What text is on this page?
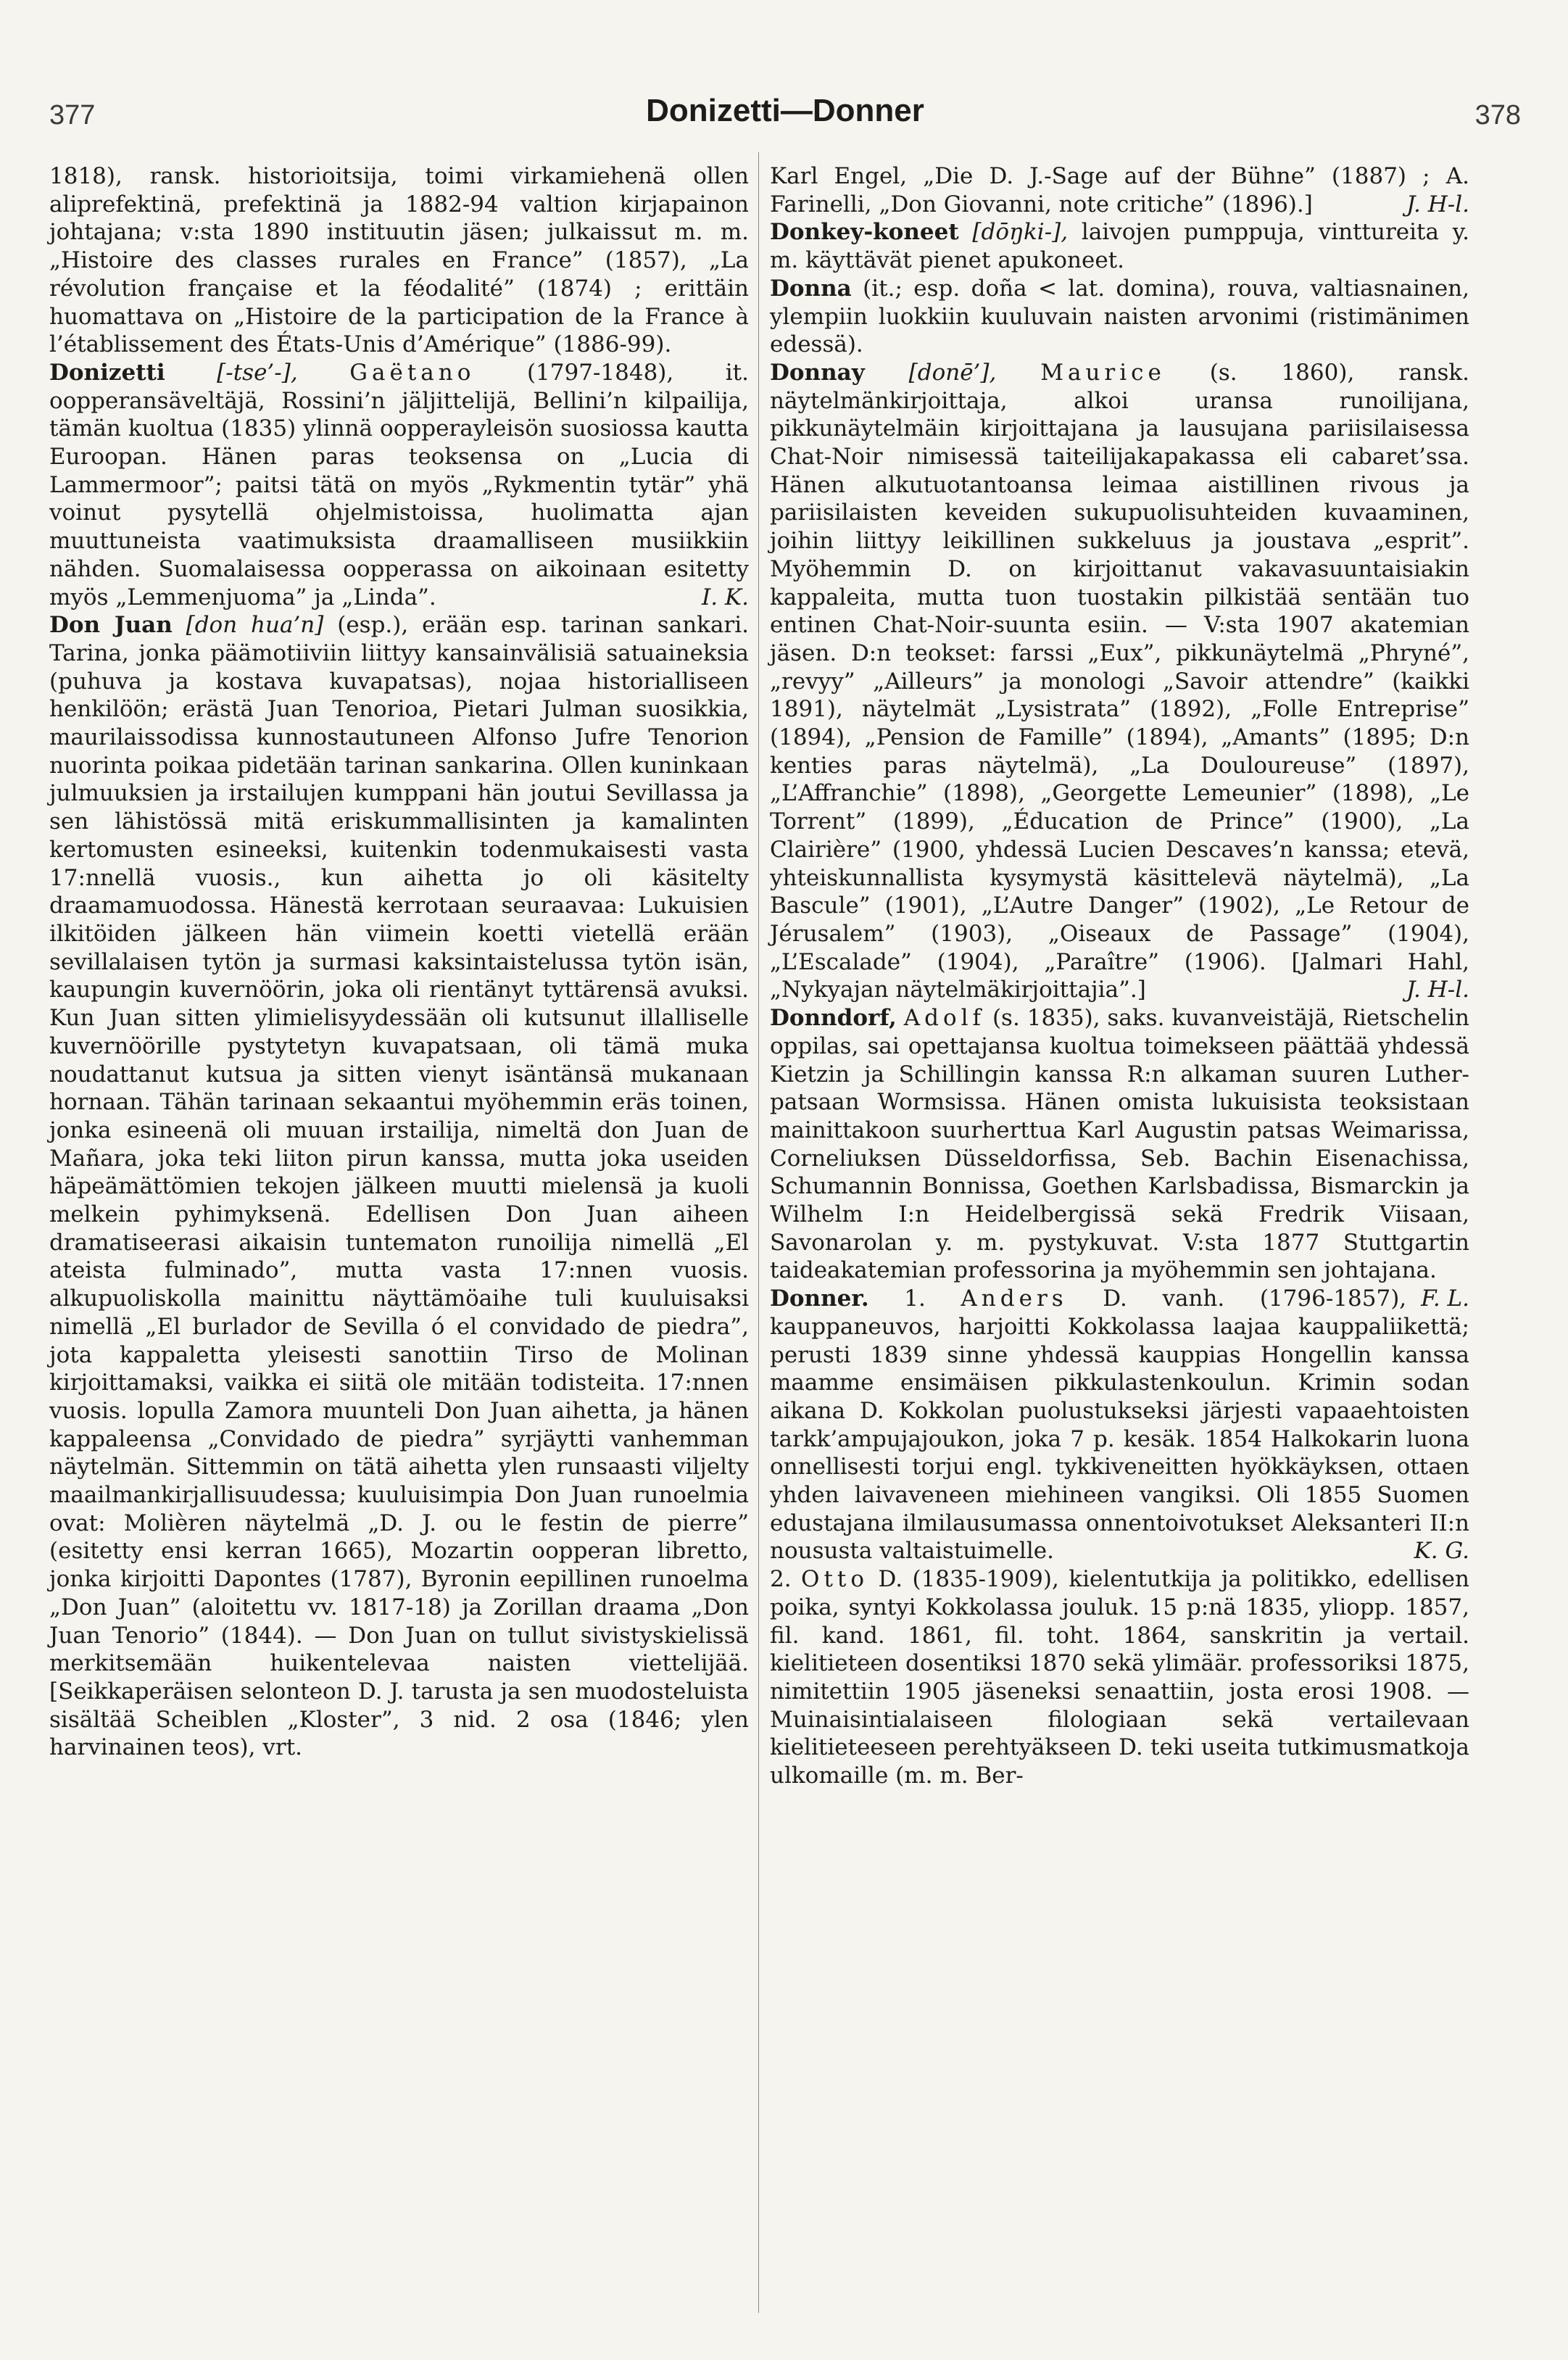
377	Donizetti—Donner	378

1818), ransk. historioitsija, toimi virkamiehenä ollen aliprefektinä, prefektinä ja 1882-94 valtion kirjapainon johtajana; v:sta 1890 instituutin jäsen; julkaissut m. m. „Histoire des classes rurales en France” (1857), „La révolution française et la féodalité” (1874) ; erittäin huomattava on „Histoire de la participation de la France à l’établissement des États-Unis d’Amérique” (1886-99).

Donizetti [-tse’-], Gaëtano (1797-1848), it. oopperansäveltäjä, Rossini’n jäljittelijä, Bellini’n kilpailija, tämän kuoltua (1835) ylinnä oopperayleisön suosiossa kautta Euroopan. Hänen paras teoksensa on „Lucia di Lammermoor”; paitsi tätä on myös „Rykmentin tytär” yhä voinut pysytellä ohjelmistoissa, huolimatta ajan muuttuneista vaatimuksista draamalliseen musiikkiin nähden. Suomalaisessa oopperassa on aikoinaan esitetty myös „Lemmenjuoma” ja „Linda”.	I. K.

Don Juan [don hua’n] (esp.), erään esp. tarinan sankari. Tarina, jonka päämotiiviin liittyy kansainvälisiä satuaineksia (puhuva ja kostava kuvapatsas), nojaa historialliseen henkilöön; erästä Juan Tenorioa, Pietari Julman suosikkia, maurilaissodissa kunnostautuneen Alfonso Jufre Tenorion nuorinta poikaa pidetään tarinan sankarina. Ollen kuninkaan julmuuksien ja irstailujen kumppani hän joutui Sevillassa ja sen lähistössä mitä eriskummallisinten ja kamalinten kertomusten esineeksi, kuitenkin todenmukaisesti vasta 17:nnellä vuosis., kun aihetta jo oli käsitelty draamamuodossa. Hänestä kerrotaan seuraavaa: Lukuisien ilkitöiden jälkeen hän viimein koetti vietellä erään sevillalaisen tytön ja surmasi kaksintaistelussa tytön isän, kaupungin kuvernöörin, joka oli rientänyt tyttärensä avuksi. Kun Juan sitten ylimielisyydessään oli kutsunut illalliselle kuvernöörille pystytetyn kuvapatsaan, oli tämä muka noudattanut kutsua ja sitten vienyt isäntänsä mukanaan hornaan. Tähän tarinaan sekaantui myöhemmin eräs toinen, jonka esineenä oli muuan irstailija, nimeltä don Juan de Mañara, joka teki liiton pirun kanssa, mutta joka useiden häpeämättömien tekojen jälkeen muutti mielensä ja kuoli melkein pyhimyksenä. Edellisen Don Juan aiheen dramatiseerasi aikaisin tuntematon runoilija nimellä „El ateista fulminado”, mutta vasta 17:nnen vuosis. alkupuoliskolla mainittu näyttämöaihe tuli kuuluisaksi nimellä „El burlador de Sevilla ó el convidado de piedra”, jota kappaletta yleisesti sanottiin Tirso de Molinan kirjoittamaksi, vaikka ei siitä ole mitään todisteita. 17:nnen vuosis. lopulla Zamora muunteli Don Juan aihetta, ja hänen kappaleensa „Convidado de piedra” syrjäytti vanhemman näytelmän. Sittemmin on tätä aihetta ylen runsaasti viljelty maailmankirjallisuudessa; kuuluisimpia Don Juan runoelmia ovat: Molièren näytelmä „D. J. ou le festin de pierre” (esitetty ensi kerran 1665), Mozartin oopperan libretto, jonka kirjoitti Dapontes (1787), Byronin eepillinen runoelma „Don Juan” (aloitettu vv. 1817-18) ja Zorillan draama „Don Juan Tenorio” (1844). — Don Juan on tullut sivistyskielissä merkitsemään huikentelevaa naisten viettelijää. [Seikkaperäisen selonteon D. J. tarusta ja sen muodosteluista sisältää Scheiblen „Kloster”, 3 nid. 2 osa (1846; ylen harvinainen teos), vrt.

Karl Engel, „Die D. J.-Sage auf der Bühne” (1887) ; A. Farinelli, „Don Giovanni, note critiche” (1896).]	J. H-l.

Donkey-koneet [dōŋki-], laivojen pumppuja, vinttureita y. m. käyttävät pienet apukoneet.

Donna (it.; esp. doña < lat. domina), rouva, valtiasnainen, ylempiin luokkiin kuuluvain naisten arvonimi (ristimänimen edessä).

Donnay [donē’], Maurice (s. 1860), ransk. näytelmänkirjoittaja, alkoi uransa runoilijana, pikkunäytelmäin kirjoittajana ja lausujana pariisilaisessa Chat-Noir nimisessä taiteilijakapakassa eli cabaret’ssa. Hänen alkutuotantoansa leimaa aistillinen rivous ja pariisilaisten keveiden sukupuolisuhteiden kuvaaminen, joihin liittyy leikillinen sukkeluus ja joustava „esprit”. Myöhemmin D. on kirjoittanut vakavasuuntaisiakin kappaleita, mutta tuon tuostakin pilkistää sentään tuo entinen Chat-Noir-suunta esiin. — V:sta 1907 akatemian jäsen. D:n teokset: farssi „Eux”, pikkunäytelmä „Phryné”, „revyy” „Ailleurs” ja monologi „Savoir attendre” (kaikki 1891), näytelmät „Lysistrata” (1892), „Folle Entreprise” (1894), „Pension de Famille” (1894), „Amants” (1895; D:n kenties paras näytelmä), „La Douloureuse” (1897), „L’Affranchie” (1898), „Georgette Lemeunier” (1898), „Le Torrent” (1899), „Éducation de Prince” (1900), „La Clairière” (1900, yhdessä Lucien Descaves’n kanssa; etevä, yhteiskunnallista kysymystä käsittelevä näytelmä), „La Bascule” (1901), „L’Autre Danger” (1902), „Le Retour de Jérusalem” (1903), „Oiseaux de Passage” (1904), „L’Escalade” (1904), „Paraître” (1906). [Jalmari Hahl, „Nykyajan näytelmäkirjoittajia”.]	J. H-l.

Donndorf, Adolf (s. 1835), saks. kuvanveistäjä, Rietschelin oppilas, sai opettajansa kuoltua toimekseen päättää yhdessä Kietzin ja Schillingin kanssa R:n alkaman suuren Luther-patsaan Wormsissa. Hänen omista lukuisista teoksistaan mainittakoon suurherttua Karl Augustin patsas Weimarissa, Corneliuksen Düsseldorfissa, Seb. Bachin Eisenachissa, Schumannin Bonnissa, Goethen Karlsbadissa, Bismarckin ja Wilhelm I:n Heidelbergissä sekä Fredrik Viisaan, Savonarolan y. m. pystykuvat. V:sta 1877 Stuttgartin taideakatemian professorina ja myöhemmin sen johtajana.
F. L.

Donner. 1. Anders D. vanh. (1796-1857), kauppaneuvos, harjoitti Kokkolassa laajaa kauppaliikettä; perusti 1839 sinne yhdessä kauppias Hongellin kanssa maamme ensimäisen pikkulastenkoulun. Krimin sodan aikana D. Kokkolan puolustukseksi järjesti vapaaehtoisten tarkk’ampujajoukon, joka 7 p. kesäk. 1854 Halkokarin luona onnellisesti torjui engl. tykkiveneitten hyökkäyksen, ottaen yhden laivaveneen miehineen vangiksi. Oli 1855 Suomen edustajana ilmilausumassa onnentoivotukset Aleksanteri II:n noususta valtaistuimelle.	K. G.

2. Otto D. (1835-1909), kielentutkija ja politikko, edellisen poika, syntyi Kokkolassa jouluk. 15 p:nä 1835, yliopp. 1857, fil. kand. 1861, fil. toht. 1864, sanskritin ja vertail. kielitieteen dosentiksi 1870 sekä ylimäär. professoriksi 1875, nimitettiin 1905 jäseneksi senaattiin, josta erosi 1908. — Muinaisintialaiseen filologiaan sekä vertailevaan kielitieteeseen perehtyäkseen D. teki useita tutkimusmatkoja ulkomaille (m. m. Ber-
